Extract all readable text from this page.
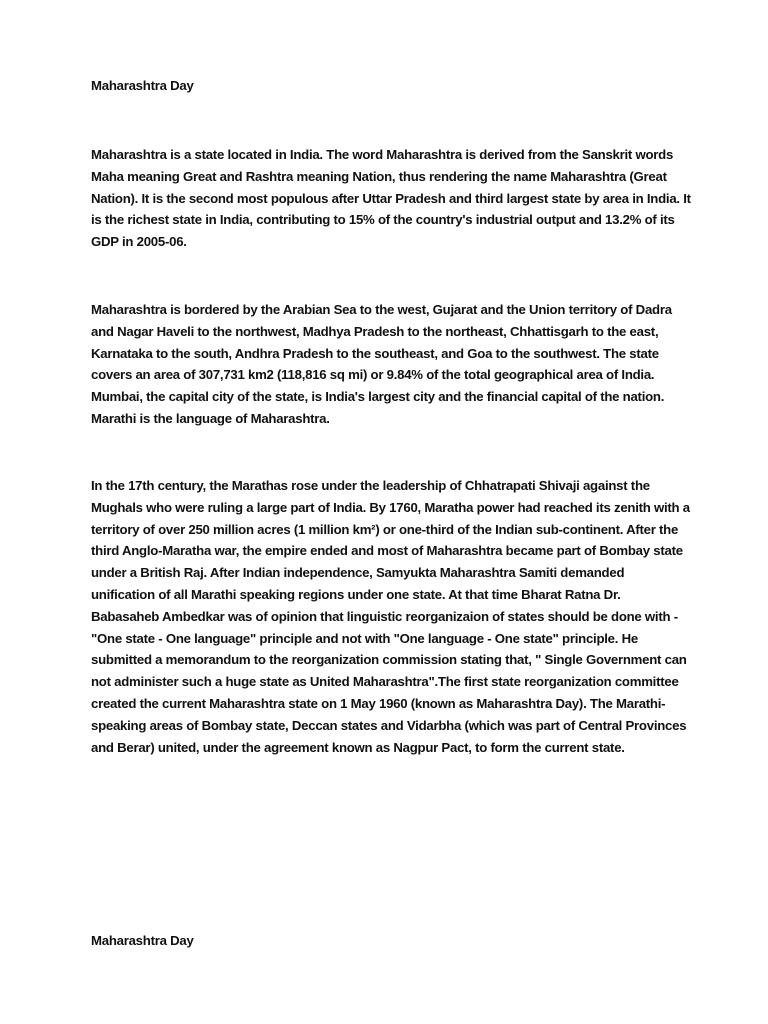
Maharashtra Day

Maharashtra is a state located in India. The word Maharashtra is derived from the Sanskrit words Maha meaning Great and Rashtra meaning Nation, thus rendering the name Maharashtra (Great Nation). It is the second most populous after Uttar Pradesh and third largest state by area in India. It is the richest state in India, contributing to 15% of the country's industrial output and 13.2% of its GDP in 2005-06.

Maharashtra is bordered by the Arabian Sea to the west, Gujarat and the Union territory of Dadra and Nagar Haveli to the northwest, Madhya Pradesh to the northeast, Chhattisgarh to the east, Karnataka to the south, Andhra Pradesh to the southeast, and Goa to the southwest. The state covers an area of 307,731 km2 (118,816 sq mi) or 9.84% of the total geographical area of India. Mumbai, the capital city of the state, is India's largest city and the financial capital of the nation. Marathi is the language of Maharashtra.

In the 17th century, the Marathas rose under the leadership of Chhatrapati Shivaji against the Mughals who were ruling a large part of India. By 1760, Maratha power had reached its zenith with a territory of over 250 million acres (1 million km²) or one-third of the Indian sub-continent. After the third Anglo-Maratha war, the empire ended and most of Maharashtra became part of Bombay state under a British Raj. After Indian independence, Samyukta Maharashtra Samiti demanded unification of all Marathi speaking regions under one state. At that time Bharat Ratna Dr. Babasaheb Ambedkar was of opinion that linguistic reorganizaion of states should be done with - "One state - One language" principle and not with "One language - One state" principle. He submitted a memorandum to the reorganization commission stating that, " Single Government can not administer such a huge state as United Maharashtra".The first state reorganization committee created the current Maharashtra state on 1 May 1960 (known as Maharashtra Day). The Marathi-speaking areas of Bombay state, Deccan states and Vidarbha (which was part of Central Provinces and Berar) united, under the agreement known as Nagpur Pact, to form the current state.

Maharashtra Day
